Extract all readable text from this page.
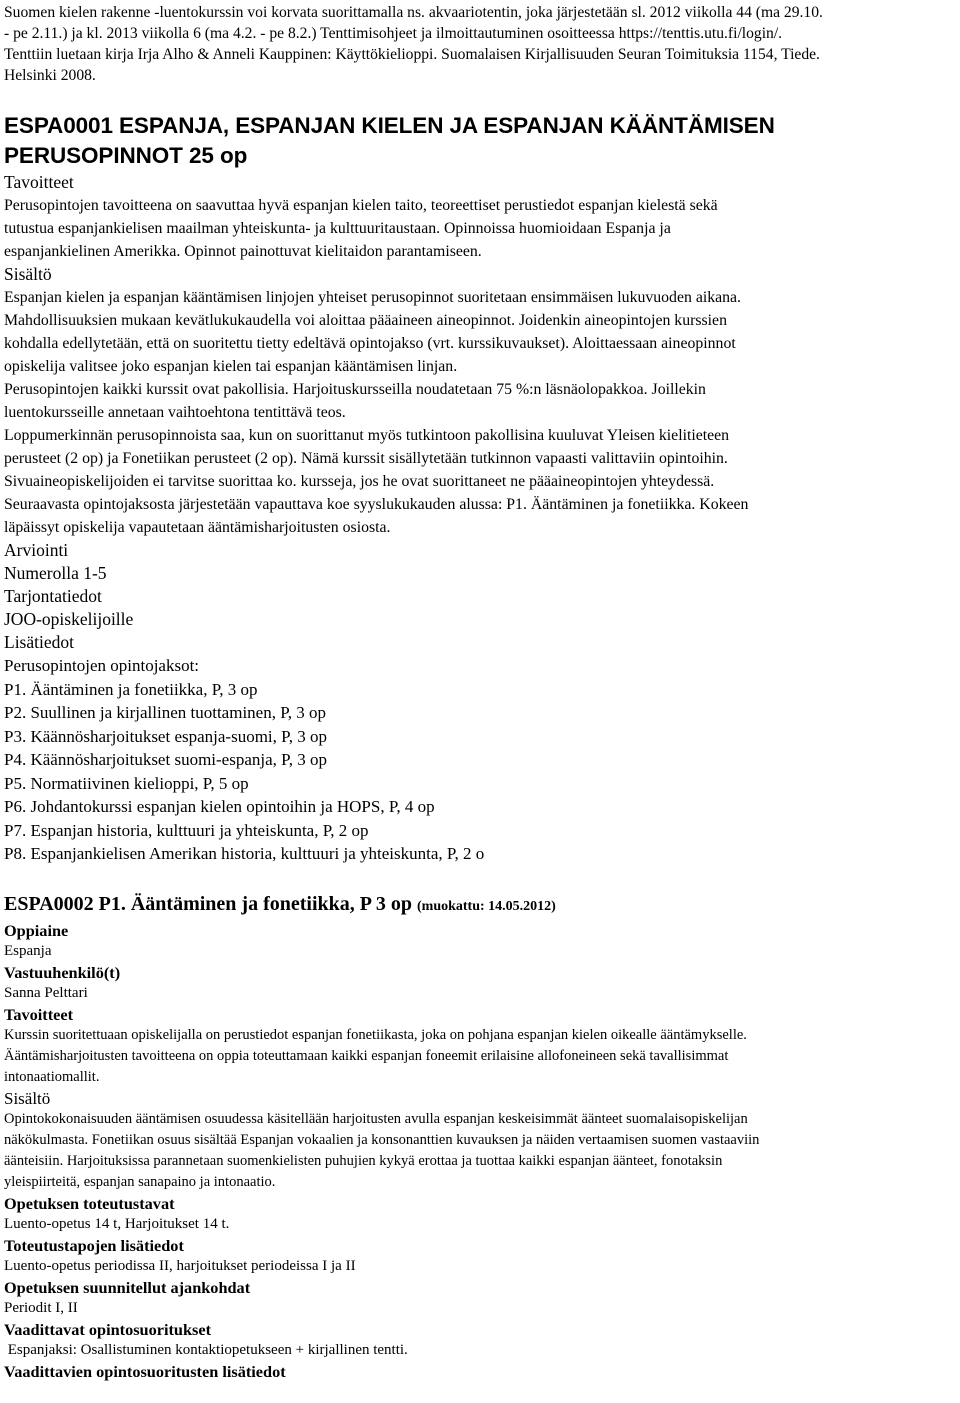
Suomen kielen rakenne -luentokurssin voi korvata suorittamalla ns. akvaariotentin, joka järjestetään sl. 2012 viikolla 44 (ma 29.10.
- pe 2.11.) ja kl. 2013 viikolla 6 (ma 4.2. - pe 8.2.) Tenttimisohjeet ja ilmoittautuminen osoitteessa https://tenttis.utu.fi/login/.
Tenttiin luetaan kirja Irja Alho & Anneli Kauppinen: Käyttökielioppi. Suomalaisen Kirjallisuuden Seuran Toimituksia 1154, Tiede.
Helsinki 2008.
ESPA0001 ESPANJA, ESPANJAN KIELEN JA ESPANJAN KÄÄNTÄMISEN
PERUSOPINNOT 25 op
Tavoitteet
Perusopintojen tavoitteena on saavuttaa hyvä espanjan kielen taito, teoreettiset perustiedot espanjan kielestä sekä
tutustua espanjankielisen maailman yhteiskunta- ja kulttuuritaustaan. Opinnoissa huomioidaan Espanja ja
espanjankielinen Amerikka. Opinnot painottuvat kielitaidon parantamiseen.
Sisältö
Espanjan kielen ja espanjan kääntämisen linjojen yhteiset perusopinnot suoritetaan ensimmäisen lukuvuoden aikana.
Mahdollisuuksien mukaan kevätlukukaudella voi aloittaa pääaineen aineopinnot. Joidenkin aineopintojen kurssien
kohdalla edellytetään, että on suoritettu tietty edeltävä opintojakso (vrt. kurssikuvaukset). Aloittaessaan aineopinnot
opiskelija valitsee joko espanjan kielen tai espanjan kääntämisen linjan.
Perusopintojen kaikki kurssit ovat pakollisia. Harjoituskursseilla noudatetaan 75 %:n läsnäolopakkoa. Joillekin
luentokursseille annetaan vaihtoehtona tentittävä teos.
Loppumerkinnän perusopinnoista saa, kun on suorittanut myös tutkintoon pakollisina kuuluvat Yleisen kielitieteen
perusteet (2 op) ja Fonetiikan perusteet (2 op). Nämä kurssit sisällytetään tutkinnon vapaasti valittaviin opintoihin.
Sivuaineopiskelijoiden ei tarvitse suorittaa ko. kursseja, jos he ovat suorittaneet ne pääaineopintojen yhteydessä.
Seuraavasta opintojaksosta järjestetään vapauttava koe syyslukukauden alussa: P1. Ääntäminen ja fonetiikka. Kokeen
läpäissyt opiskelija vapautetaan ääntämisharjoitusten osiosta.
Arviointi
Numerolla 1-5
Tarjontatiedot
JOO-opiskelijoille
Lisätiedot
Perusopintojen opintojaksot:
P1. Ääntäminen ja fonetiikka, P, 3 op
P2. Suullinen ja kirjallinen tuottaminen, P, 3 op
P3. Käännösharjoitukset espanja-suomi, P, 3 op
P4. Käännösharjoitukset suomi-espanja, P, 3 op
P5. Normatiivinen kielioppi, P, 5 op
P6. Johdantokurssi espanjan kielen opintoihin ja HOPS, P, 4 op
P7. Espanjan historia, kulttuuri ja yhteiskunta, P, 2 op
P8. Espanjankielisen Amerikan historia, kulttuuri ja yhteiskunta, P, 2 o
ESPA0002 P1. Ääntäminen ja fonetiikka, P 3 op (muokattu: 14.05.2012)
Oppiaine
Espanja
Vastuuhenkilö(t)
Sanna Pelttari
Tavoitteet
Kurssin suoritettuaan opiskelijalla on perustiedot espanjan fonetiikasta, joka on pohjana espanjan kielen oikealle ääntämykselle.
Ääntämisharjoitusten tavoitteena on oppia toteuttamaan kaikki espanjan foneemit erilaisine allofoneineen sekä tavallisimmat
intonaatiomallit.
Sisältö
Opintokokonaisuuden ääntämisen osuudessa käsitellään harjoitusten avulla espanjan keskeisimmät äänteet suomalaisopiskelijan
näkökulmasta. Fonetiikan osuus sisältää Espanjan vokaalien ja konsonanttien kuvauksen ja näiden vertaamisen suomen vastaaviin
äänteisiin. Harjoituksissa parannetaan suomenkielisten puhujien kykyä erottaa ja tuottaa kaikki espanjan äänteet, fonotaksin
yleispiirteitä, espanjan sanapaino ja intonaatio.
Opetuksen toteutustavat
Luento-opetus 14 t, Harjoitukset 14 t.
Toteutustapojen lisätiedot
Luento-opetus periodissa II, harjoitukset periodeissa I ja II
Opetuksen suunnitellut ajankohdat
Periodit I, II
Vaadittavat opintosuoritukset
Espanjaksi: Osallistuminen kontaktiopetukseen + kirjallinen tentti.
Vaadittavien opintosuoritusten lisätiedot
